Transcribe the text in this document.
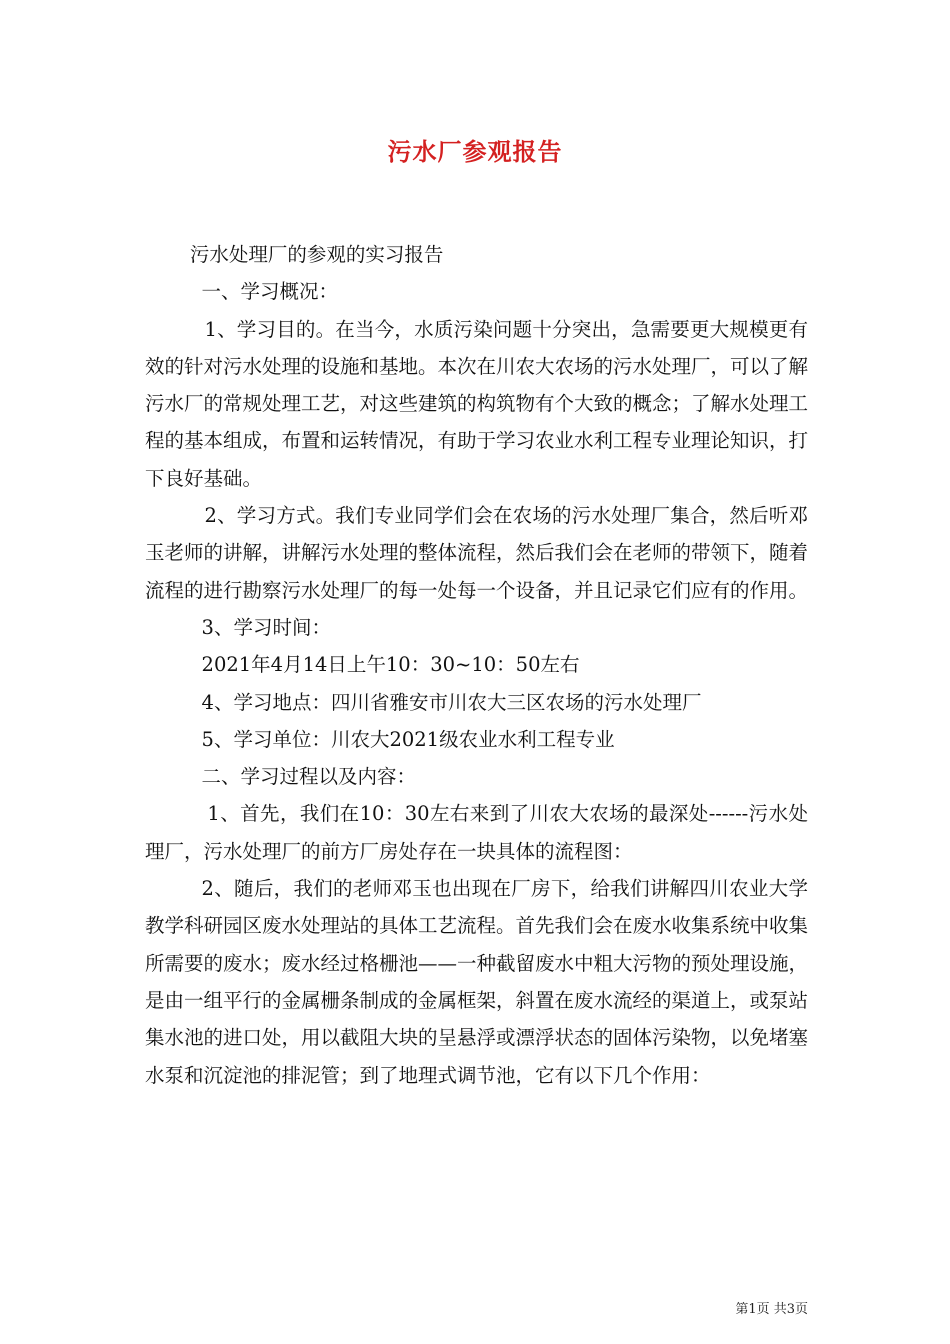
污水厂参观报告

污水处理厂的参观的实习报告

一、学习概况：

1、学习目的。在当今，水质污染问题十分突出，急需要更大规模更有效的针对污水处理的设施和基地。本次在川农大农场的污水处理厂，可以了解污水厂的常规处理工艺，对这些建筑的构筑物有个大致的概念；了解水处理工程的基本组成，布置和运转情况，有助于学习农业水利工程专业理论知识，打下良好基础。

2、学习方式。我们专业同学们会在农场的污水处理厂集合，然后听邓玉老师的讲解，讲解污水处理的整体流程，然后我们会在老师的带领下，随着流程的进行勘察污水处理厂的每一处每一个设备，并且记录它们应有的作用。

3、学习时间：

2021年4月14日上午10：30~10：50左右

4、学习地点：四川省雅安市川农大三区农场的污水处理厂

5、学习单位：川农大2021级农业水利工程专业

二、学习过程以及内容：

1、首先，我们在10：30左右来到了川农大农场的最深处------污水处理厂，污水处理厂的前方厂房处存在一块具体的流程图：

2、随后，我们的老师邓玉也出现在厂房下，给我们讲解四川农业大学教学科研园区废水处理站的具体工艺流程。首先我们会在废水收集系统中收集所需要的废水；废水经过格栅池——一种截留废水中粗大污物的预处理设施，是由一组平行的金属栅条制成的金属框架，斜置在废水流经的渠道上，或泵站集水池的进口处，用以截阻大块的呈悬浮或漂浮状态的固体污染物，以免堵塞水泵和沉淀池的排泥管；到了地理式调节池，它有以下几个作用：

第1页 共3页
